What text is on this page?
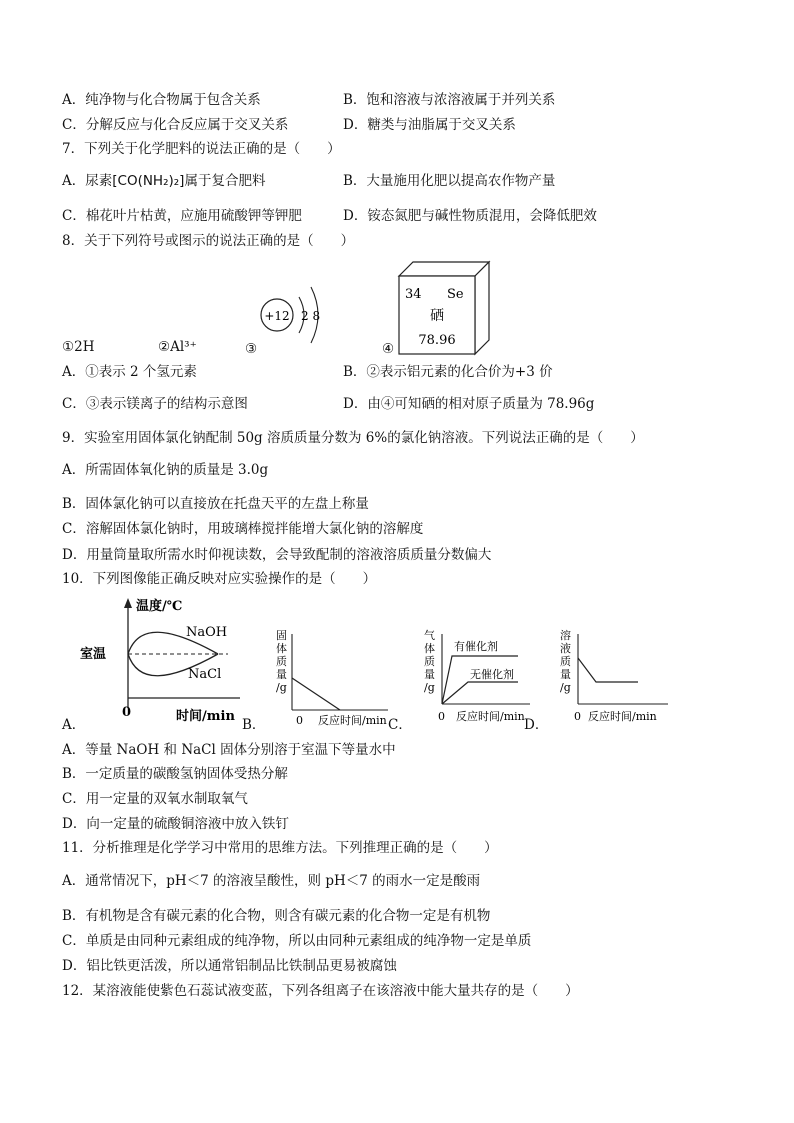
A．纯净物与化合物属于包含关系	B．饱和溶液与浓溶液属于并列关系
C．分解反应与化合反应属于交叉关系	D．糖类与油脂属于交叉关系
7．下列关于化学肥料的说法正确的是（　　）
A．尿素[CO(NH₂)₂]属于复合肥料	B．大量施用化肥以提高农作物产量
C．棉花叶片枯黄，应施用硫酸钾等钾肥	D．铵态氮肥与碱性物质混用，会降低肥效
8．关于下列符号或图示的说法正确的是（　　）
①2H	②Al³⁺	③	④
+12 2 8
34 Se
硒
78.96
A．①表示 2 个氢元素	B．②表示铝元素的化合价为+3 价
C．③表示镁离子的结构示意图	D．由④可知硒的相对原子质量为 78.96g
9．实验室用固体氯化钠配制 50g 溶质质量分数为 6%的氯化钠溶液。下列说法正确的是（　　）
A．所需固体氧化钠的质量是 3.0g
B．固体氯化钠可以直接放在托盘天平的左盘上称量
C．溶解固体氯化钠时，用玻璃棒搅拌能增大氯化钠的溶解度
D．用量筒量取所需水时仰视读数，会导致配制的溶液溶质质量分数偏大
10．下列图像能正确反映对应实验操作的是（　　）
A．
温度/℃
室温
NaOH
NaCl
0	时间/min
B．
固
体
质
量
/g
0 反应时间/min C．
气
体
质
量
/g
有催化剂
无催化剂
0 反应时间/min
D．
溶
液
质
量
/g
0 反应时间/min
A．等量 NaOH 和 NaCl 固体分别溶于室温下等量水中
B．一定质量的碳酸氢钠固体受热分解
C．用一定量的双氧水制取氧气
D．向一定量的硫酸铜溶液中放入铁钉
11．分析推理是化学学习中常用的思维方法。下列推理正确的是（　　）
A．通常情况下，pH＜7 的溶液呈酸性，则 pH＜7 的雨水一定是酸雨
B．有机物是含有碳元素的化合物，则含有碳元素的化合物一定是有机物
C．单质是由同种元素组成的纯净物，所以由同种元素组成的纯净物一定是单质
D．铝比铁更活泼，所以通常铝制品比铁制品更易被腐蚀
12．某溶液能使紫色石蕊试液变蓝，下列各组离子在该溶液中能大量共存的是（　　）
